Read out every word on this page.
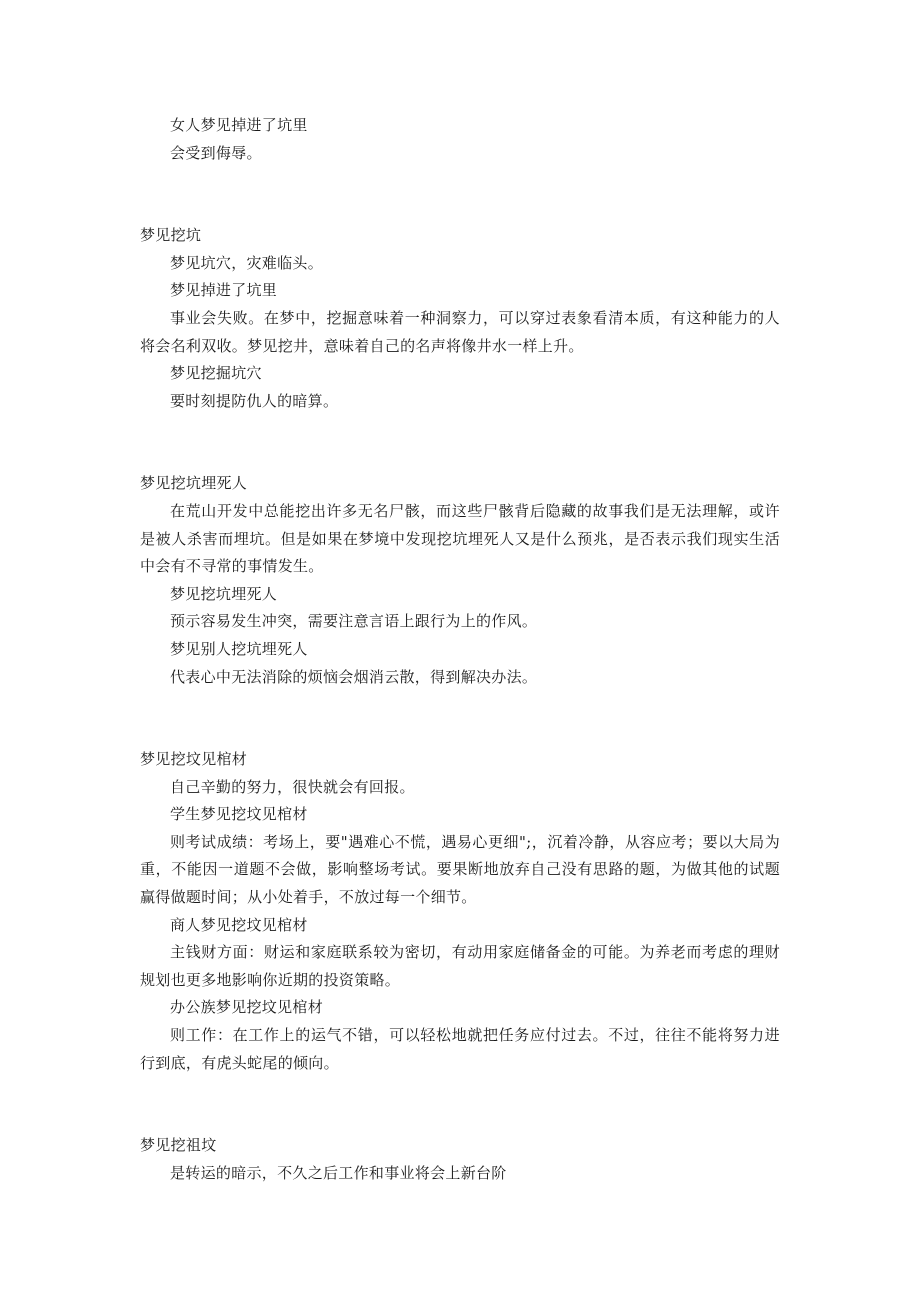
女人梦见掉进了坑里

会受到侮辱。

梦见挖坑

梦见坑穴，灾难临头。

梦见掉进了坑里

事业会失败。在梦中，挖掘意味着一种洞察力，可以穿过表象看清本质，有这种能力的人将会名利双收。梦见挖井，意味着自己的名声将像井水一样上升。

梦见挖掘坑穴

要时刻提防仇人的暗算。

梦见挖坑埋死人

在荒山开发中总能挖出许多无名尸骸，而这些尸骸背后隐藏的故事我们是无法理解，或许是被人杀害而埋坑。但是如果在梦境中发现挖坑埋死人又是什么预兆，是否表示我们现实生活中会有不寻常的事情发生。

梦见挖坑埋死人

预示容易发生冲突，需要注意言语上跟行为上的作风。

梦见别人挖坑埋死人

代表心中无法消除的烦恼会烟消云散，得到解决办法。

梦见挖坟见棺材

自己辛勤的努力，很快就会有回报。

学生梦见挖坟见棺材

则考试成绩：考场上，要"遇难心不慌，遇易心更细";，沉着冷静，从容应考；要以大局为重，不能因一道题不会做，影响整场考试。要果断地放弃自己没有思路的题，为做其他的试题赢得做题时间；从小处着手，不放过每一个细节。

商人梦见挖坟见棺材

主钱财方面：财运和家庭联系较为密切，有动用家庭储备金的可能。为养老而考虑的理财规划也更多地影响你近期的投资策略。

办公族梦见挖坟见棺材

则工作：在工作上的运气不错，可以轻松地就把任务应付过去。不过，往往不能将努力进行到底，有虎头蛇尾的倾向。

梦见挖祖坟

是转运的暗示，不久之后工作和事业将会上新台阶
